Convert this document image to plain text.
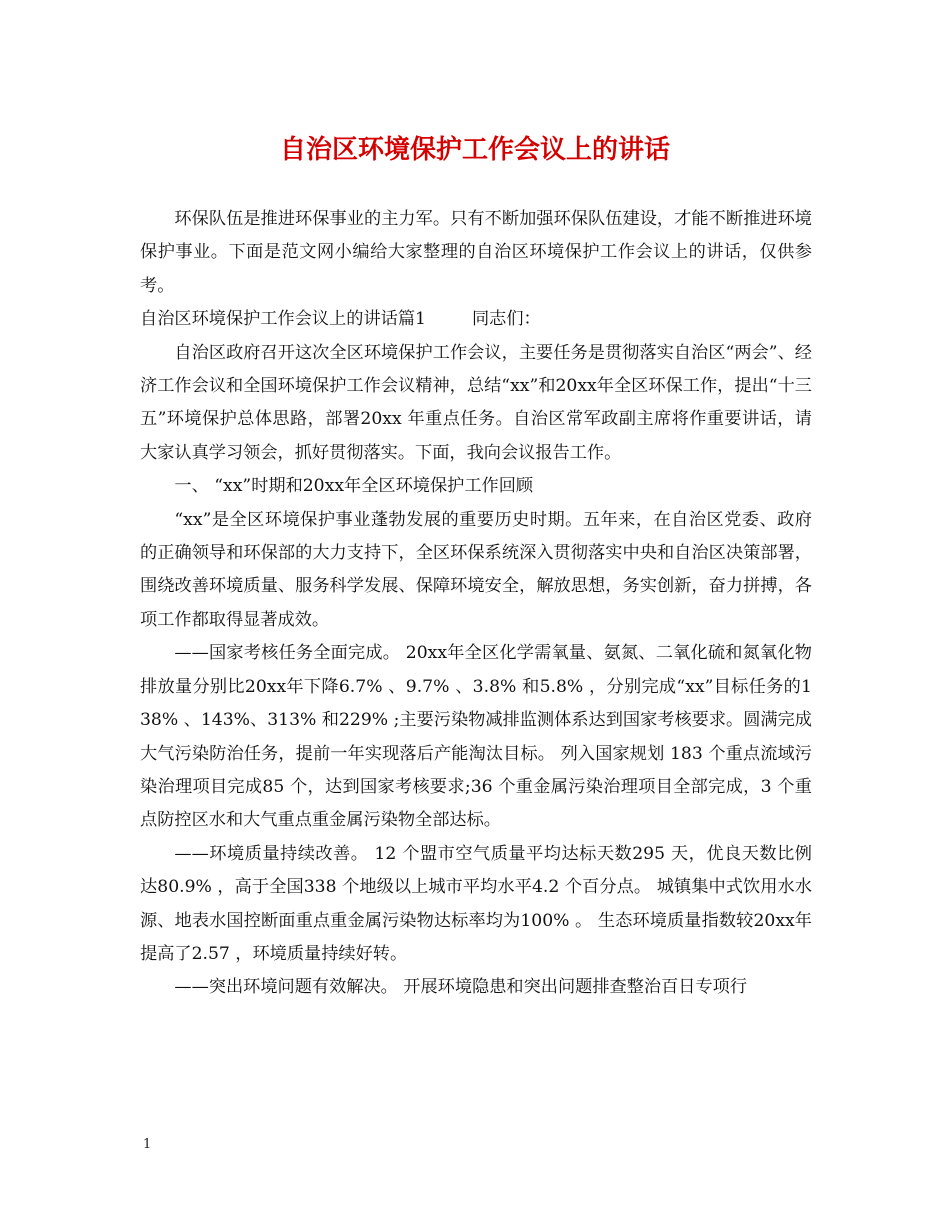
自治区环境保护工作会议上的讲话

环保队伍是推进环保事业的主力军。只有不断加强环保队伍建设，才能不断推进环境保护事业。下面是范文网小编给大家整理的自治区环境保护工作会议上的讲话，仅供参考。

自治区环境保护工作会议上的讲话篇1	同志们：

自治区政府召开这次全区环境保护工作会议，主要任务是贯彻落实自治区“两会”、经济工作会议和全国环境保护工作会议精神，总结“xx”和20xx年全区环保工作，提出“十三五”环境保护总体思路，部署20xx 年重点任务。自治区常军政副主席将作重要讲话，请大家认真学习领会，抓好贯彻落实。下面，我向会议报告工作。

一、 “xx”时期和20xx年全区环境保护工作回顾

“xx”是全区环境保护事业蓬勃发展的重要历史时期。五年来，在自治区党委、政府的正确领导和环保部的大力支持下，全区环保系统深入贯彻落实中央和自治区决策部署，围绕改善环境质量、服务科学发展、保障环境安全，解放思想，务实创新，奋力拼搏，各项工作都取得显著成效。

——国家考核任务全面完成。 20xx年全区化学需氧量、氨氮、二氧化硫和氮氧化物排放量分别比20xx年下降6.7% 、9.7% 、3.8% 和5.8% ，分别完成“xx”目标任务的138% 、143%、313% 和229% ;主要污染物减排监测体系达到国家考核要求。圆满完成大气污染防治任务，提前一年实现落后产能淘汰目标。 列入国家规划 183 个重点流域污染治理项目完成85 个，达到国家考核要求;36 个重金属污染治理项目全部完成，3 个重点防控区水和大气重点重金属污染物全部达标。

——环境质量持续改善。 12 个盟市空气质量平均达标天数295 天，优良天数比例达80.9% ，高于全国338 个地级以上城市平均水平4.2 个百分点。 城镇集中式饮用水水源、地表水国控断面重点重金属污染物达标率均为100% 。 生态环境质量指数较20xx年提高了2.57 ，环境质量持续好转。

——突出环境问题有效解决。 开展环境隐患和突出问题排查整治百日专项行

1
